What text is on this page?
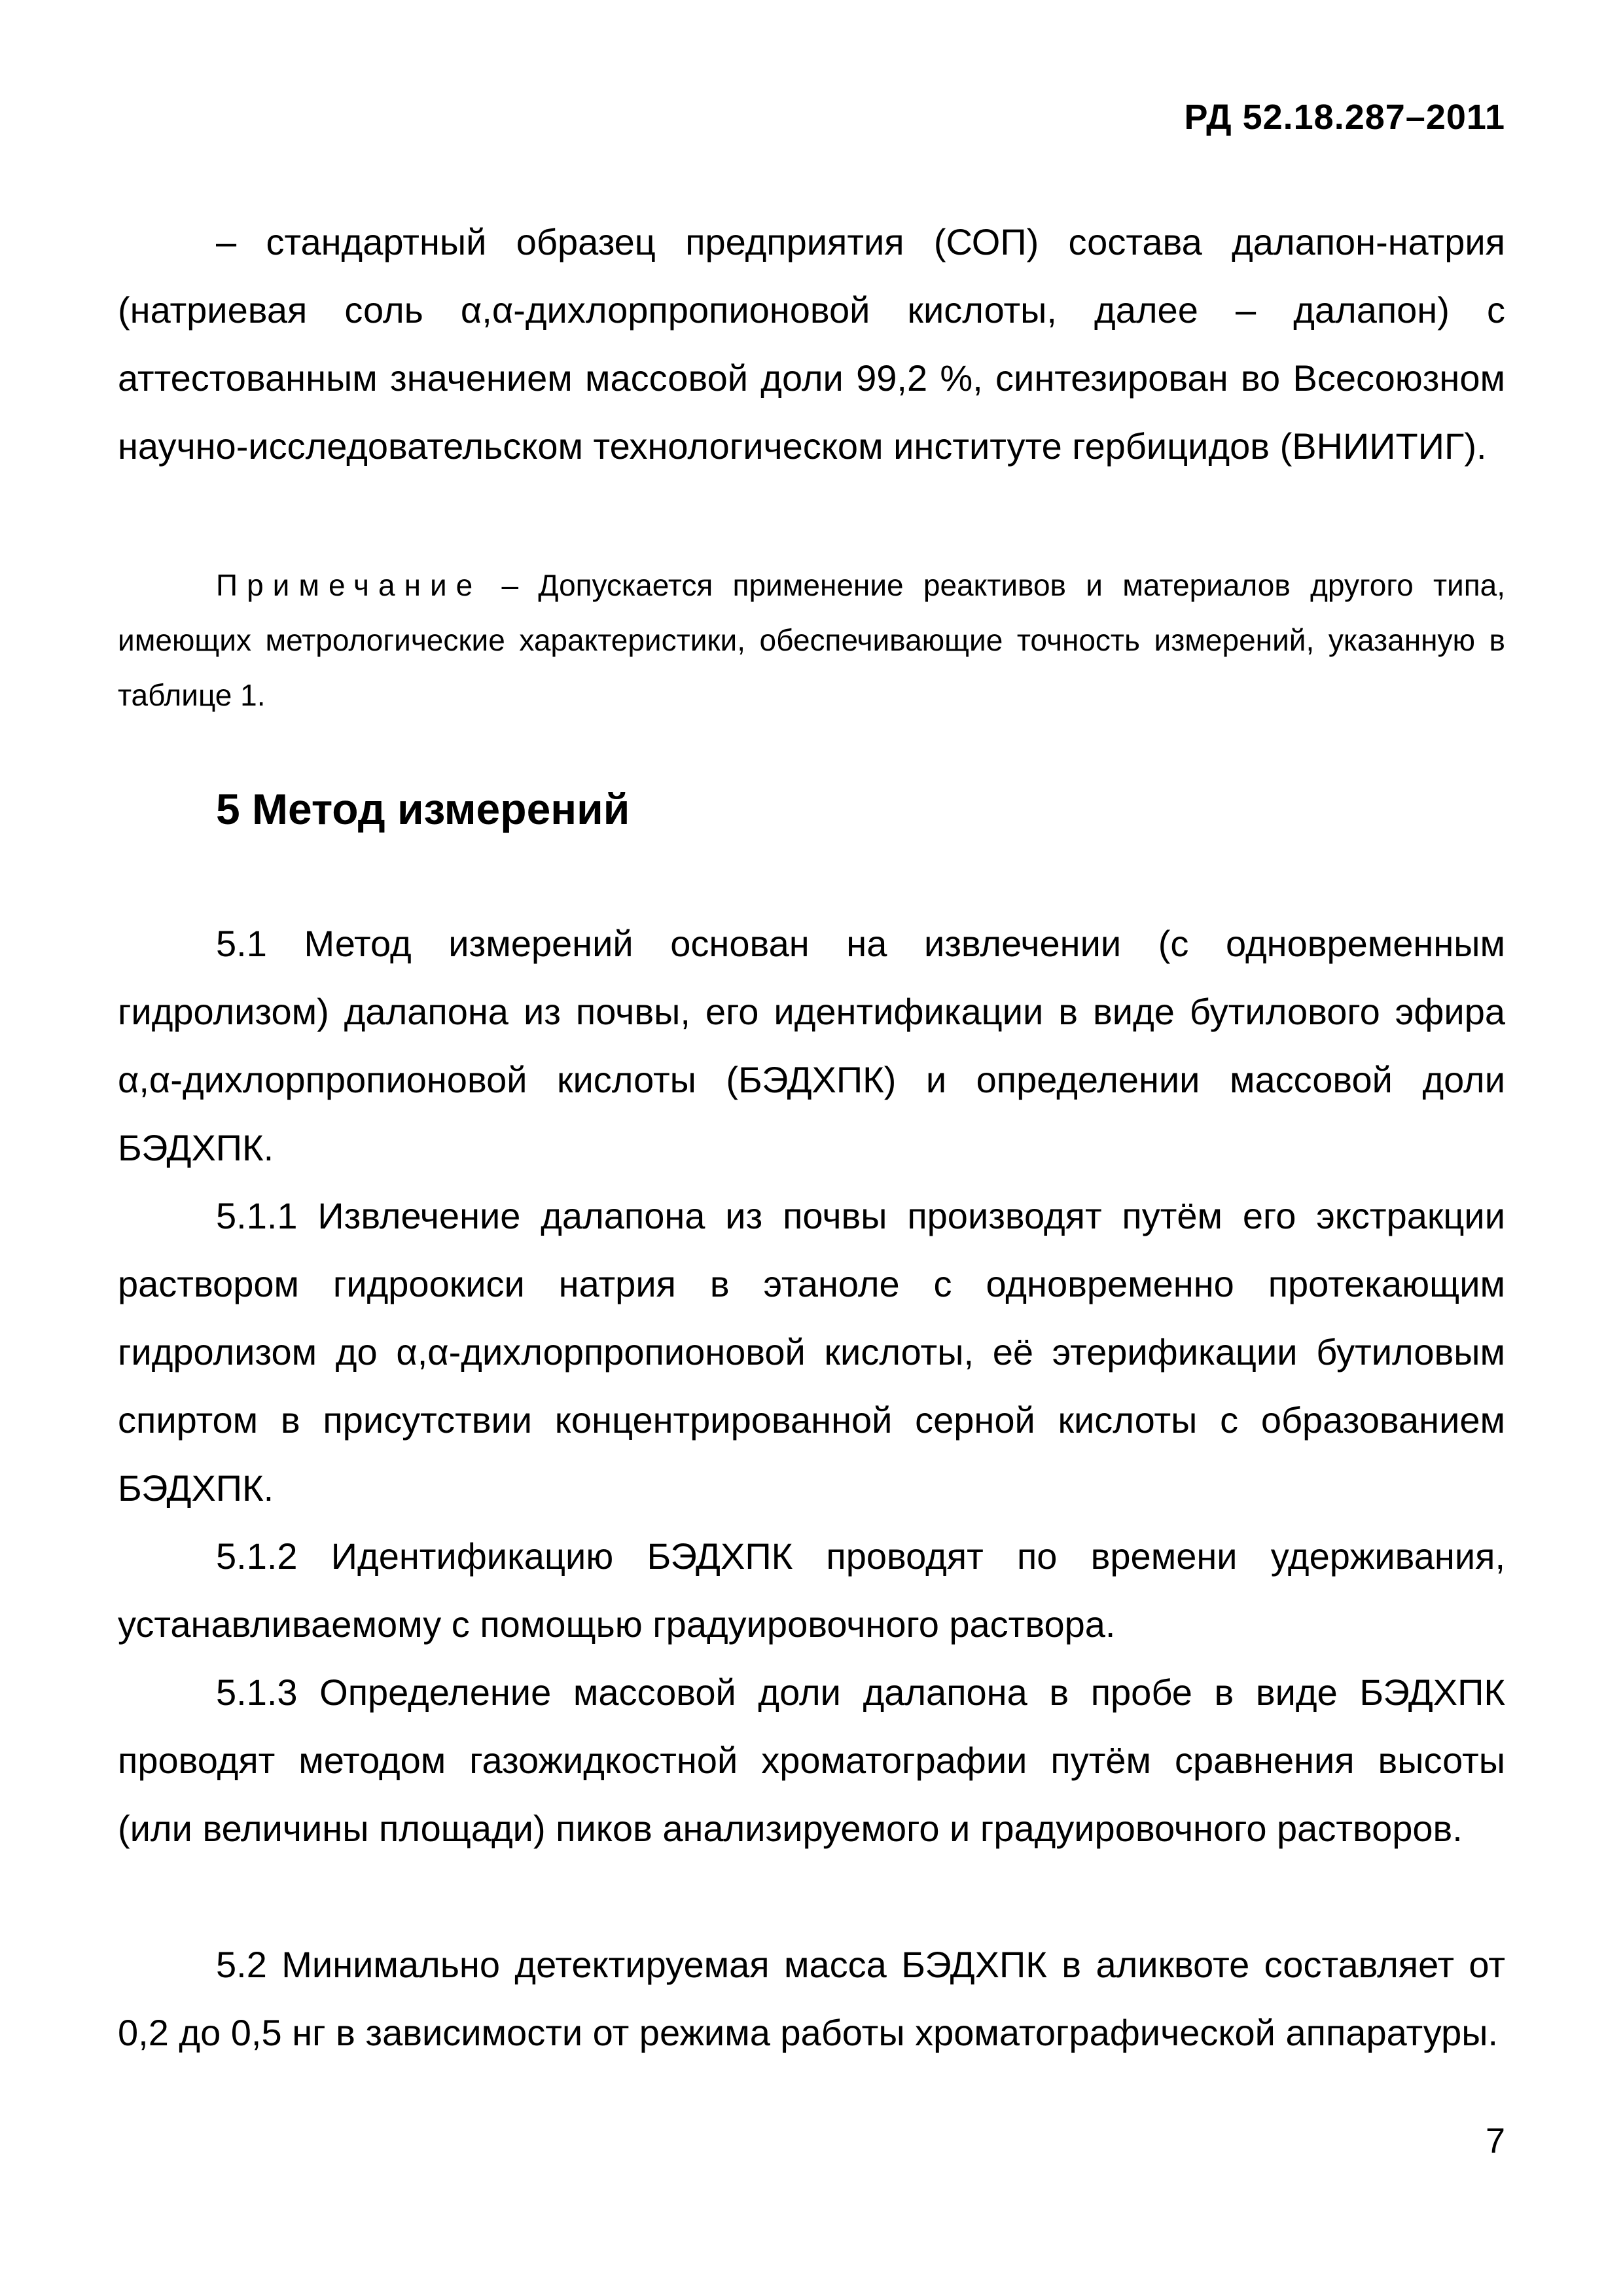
РД 52.18.287–2011

– стандартный образец предприятия (СОП) состава далапон-натрия (натриевая соль α,α-дихлорпропионовой кислоты, далее – далапон) с аттестованным значением массовой доли 99,2 %, синтезирован во Всесоюзном научно-исследовательском технологическом институте гербицидов (ВНИИТИГ).

Примечание – Допускается применение реактивов и материалов другого типа, имеющих метрологические характеристики, обеспечивающие точность измерений, указанную в таблице 1.

5 Метод измерений

5.1 Метод измерений основан на извлечении (с одновременным гидролизом) далапона из почвы, его идентификации в виде бутилового эфира α,α-дихлорпропионовой кислоты (БЭДХПК) и определении массовой доли БЭДХПК.

5.1.1 Извлечение далапона из почвы производят путём его экстракции раствором гидроокиси натрия в этаноле с одновременно протекающим гидролизом до α,α-дихлорпропионовой кислоты, её этерификации бутиловым спиртом в присутствии концентрированной серной кислоты с образованием БЭДХПК.

5.1.2 Идентификацию БЭДХПК проводят по времени удерживания, устанавливаемому с помощью градуировочного раствора.

5.1.3 Определение массовой доли далапона в пробе в виде БЭДХПК проводят методом газожидкостной хроматографии путём сравнения высоты (или величины площади) пиков анализируемого и градуировочного растворов.

5.2 Минимально детектируемая масса БЭДХПК в аликвоте составляет от 0,2 до 0,5 нг в зависимости от режима работы хроматографической аппаратуры.

7
